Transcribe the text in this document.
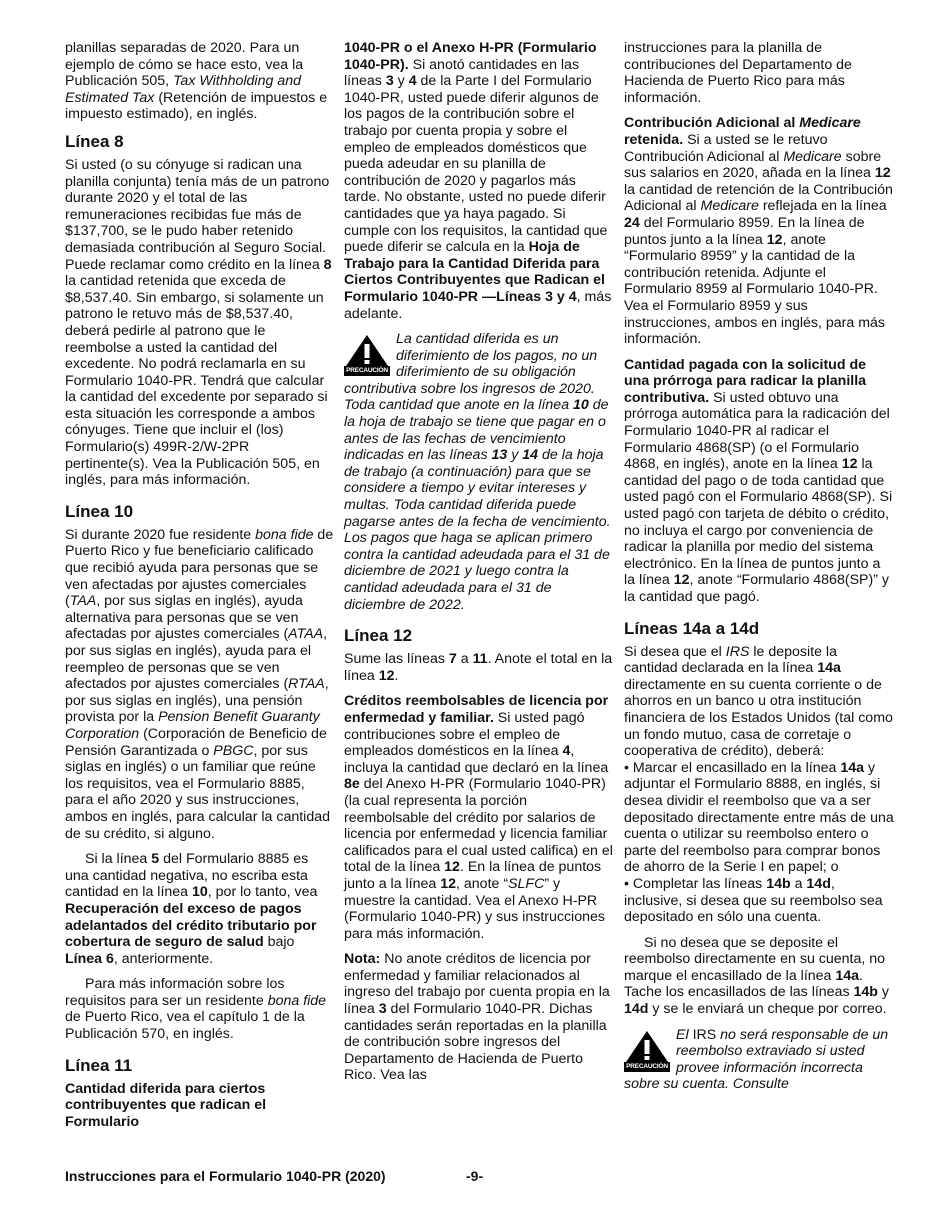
planillas separadas de 2020. Para un ejemplo de cómo se hace esto, vea la Publicación 505, Tax Withholding and Estimated Tax (Retención de impuestos e impuesto estimado), en inglés.

Línea 8

Si usted (o su cónyuge si radican una planilla conjunta) tenía más de un patrono durante 2020 y el total de las remuneraciones recibidas fue más de $137,700, se le pudo haber retenido demasiada contribución al Seguro Social. Puede reclamar como crédito en la línea 8 la cantidad retenida que exceda de $8,537.40. Sin embargo, si solamente un patrono le retuvo más de $8,537.40, deberá pedirle al patrono que le reembolse a usted la cantidad del excedente. No podrá reclamarla en su Formulario 1040-PR. Tendrá que calcular la cantidad del excedente por separado si esta situación les corresponde a ambos cónyuges. Tiene que incluir el (los) Formulario(s) 499R-2/W-2PR pertinente(s). Vea la Publicación 505, en inglés, para más información.

Línea 10

Si durante 2020 fue residente bona fide de Puerto Rico y fue beneficiario calificado que recibió ayuda para personas que se ven afectadas por ajustes comerciales (TAA, por sus siglas en inglés), ayuda alternativa para personas que se ven afectadas por ajustes comerciales (ATAA, por sus siglas en inglés), ayuda para el reempleo de personas que se ven afectados por ajustes comerciales (RTAA, por sus siglas en inglés), una pensión provista por la Pension Benefit Guaranty Corporation (Corporación de Beneficio de Pensión Garantizada o PBGC, por sus siglas en inglés) o un familiar que reúne los requisitos, vea el Formulario 8885, para el año 2020 y sus instrucciones, ambos en inglés, para calcular la cantidad de su crédito, si alguno.

Si la línea 5 del Formulario 8885 es una cantidad negativa, no escriba esta cantidad en la línea 10, por lo tanto, vea Recuperación del exceso de pagos adelantados del crédito tributario por cobertura de seguro de salud bajo Línea 6, anteriormente.

Para más información sobre los requisitos para ser un residente bona fide de Puerto Rico, vea el capítulo 1 de la Publicación 570, en inglés.

Línea 11

Cantidad diferida para ciertos contribuyentes que radican el Formulario

1040-PR o el Anexo H-PR (Formulario 1040-PR). Si anotó cantidades en las líneas 3 y 4 de la Parte I del Formulario 1040-PR, usted puede diferir algunos de los pagos de la contribución sobre el trabajo por cuenta propia y sobre el empleo de empleados domésticos que pueda adeudar en su planilla de contribución de 2020 y pagarlos más tarde. No obstante, usted no puede diferir cantidades que ya haya pagado. Si cumple con los requisitos, la cantidad que puede diferir se calcula en la Hoja de Trabajo para la Cantidad Diferida para Ciertos Contribuyentes que Radican el Formulario 1040-PR —Líneas 3 y 4, más adelante.

PRECAUCIÓN
La cantidad diferida es un diferimiento de los pagos, no un diferimiento de su obligación contributiva sobre los ingresos de 2020. Toda cantidad que anote en la línea 10 de la hoja de trabajo se tiene que pagar en o antes de las fechas de vencimiento indicadas en las líneas 13 y 14 de la hoja de trabajo (a continuación) para que se considere a tiempo y evitar intereses y multas. Toda cantidad diferida puede pagarse antes de la fecha de vencimiento. Los pagos que haga se aplican primero contra la cantidad adeudada para el 31 de diciembre de 2021 y luego contra la cantidad adeudada para el 31 de diciembre de 2022.
Línea 12

Sume las líneas 7 a 11. Anote el total en la línea 12.

Créditos reembolsables de licencia por enfermedad y familiar. Si usted pagó contribuciones sobre el empleo de empleados domésticos en la línea 4, incluya la cantidad que declaró en la línea 8e del Anexo H-PR (Formulario 1040-PR) (la cual representa la porción reembolsable del crédito por salarios de licencia por enfermedad y licencia familiar calificados para el cual usted califica) en el total de la línea 12. En la línea de puntos junto a la línea 12, anote “SLFC” y muestre la cantidad. Vea el Anexo H-PR (Formulario 1040-PR) y sus instrucciones para más información.

Nota: No anote créditos de licencia por enfermedad y familiar relacionados al ingreso del trabajo por cuenta propia en la línea 3 del Formulario 1040-PR. Dichas cantidades serán reportadas en la planilla de contribución sobre ingresos del Departamento de Hacienda de Puerto Rico. Vea las

instrucciones para la planilla de contribuciones del Departamento de Hacienda de Puerto Rico para más información.

Contribución Adicional al Medicare retenida. Si a usted se le retuvo Contribución Adicional al Medicare sobre sus salarios en 2020, añada en la línea 12 la cantidad de retención de la Contribución Adicional al Medicare reflejada en la línea 24 del Formulario 8959. En la línea de puntos junto a la línea 12, anote “Formulario 8959” y la cantidad de la contribución retenida. Adjunte el Formulario 8959 al Formulario 1040-PR. Vea el Formulario 8959 y sus instrucciones, ambos en inglés, para más información.

Cantidad pagada con la solicitud de una prórroga para radicar la planilla contributiva. Si usted obtuvo una prórroga automática para la radicación del Formulario 1040-PR al radicar el Formulario 4868(SP) (o el Formulario 4868, en inglés), anote en la línea 12 la cantidad del pago o de toda cantidad que usted pagó con el Formulario 4868(SP). Si usted pagó con tarjeta de débito o crédito, no incluya el cargo por conveniencia de radicar la planilla por medio del sistema electrónico. En la línea de puntos junto a la línea 12, anote “Formulario 4868(SP)” y la cantidad que pagó.

Líneas 14a a 14d

Si desea que el IRS le deposite la cantidad declarada en la línea 14a directamente en su cuenta corriente o de ahorros en un banco u otra institución financiera de los Estados Unidos (tal como un fondo mutuo, casa de corretaje o cooperativa de crédito), deberá:

• Marcar el encasillado en la línea 14a y adjuntar el Formulario 8888, en inglés, si desea dividir el reembolso que va a ser depositado directamente entre más de una cuenta o utilizar su reembolso entero o parte del reembolso para comprar bonos de ahorro de la Serie I en papel; o

• Completar las líneas 14b a 14d, inclusive, si desea que su reembolso sea depositado en sólo una cuenta.

Si no desea que se deposite el reembolso directamente en su cuenta, no marque el encasillado de la línea 14a. Tache los encasillados de las líneas 14b y 14d y se le enviará un cheque por correo.

PRECAUCIÓN
El IRS no será responsable de un reembolso extraviado si usted provee información incorrecta sobre su cuenta. Consulte
Instrucciones para el Formulario 1040-PR (2020)	-9-
